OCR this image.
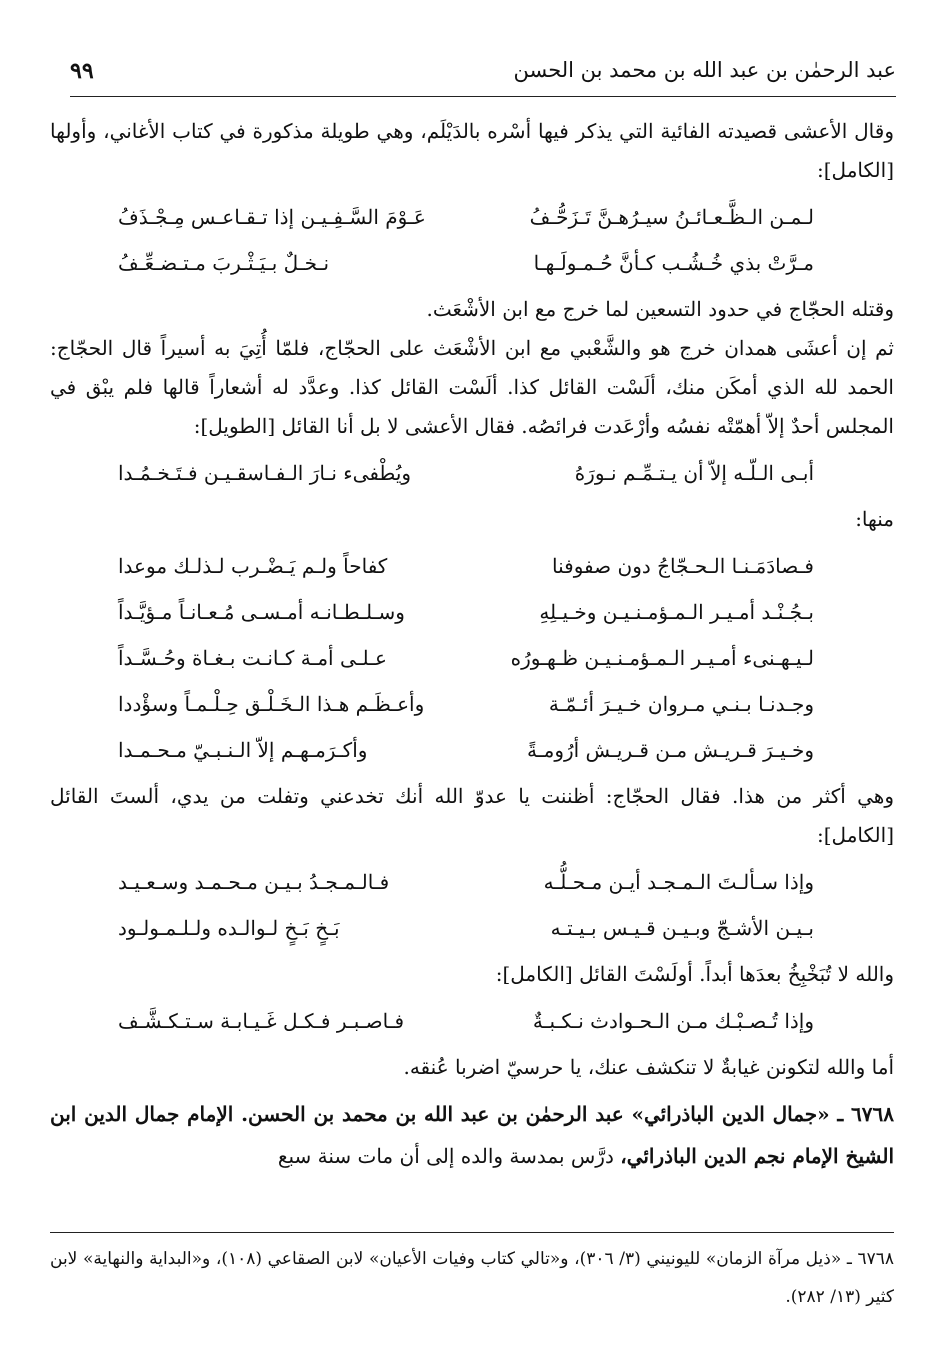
عبد الرحمٰن بن عبد الله بن محمد بن الحسن
٩٩

وقال الأعشى قصيدته الفائية التي يذكر فيها أسْره بالدَيْلَم، وهي طويلة مذكورة في كتاب الأغاني، وأولها [الكامل]:

لـمـن الـظَّـعـائـنُ سيـرُهـنَّ تَـزَحُّـفُ
عَـوْمَ السَّـفِـيـن إذا تـقـاعـس مِـجْـذَفُ
مـرَّتْ بذي خُـشُـب كـأنَّ حُـمـولَـهـا
نـخـلٌ بـيَـثْـربَ مـتـضـعِّـفُ

وقتله الحجّاج في حدود التسعين لما خرج مع ابن الأشْعَث.

ثم إن أعشَى همدان خرج هو والشَّعْبي مع ابن الأشْعَث على الحجّاج، فلمّا أُتِيَ به أسيراً قال الحجّاج: الحمد لله الذي أمكَن منك، ألَسْت القائل كذا. ألَسْت القائل كذا. وعدَّد له أشعاراً قالها فلم يبْق في المجلس أحدٌ إلاّ أهمّتْه نفسُه وأرْعَدت فرائصُه. فقال الأعشى لا بل أنا القائل [الطويل]:

أبـى الـلّـه إلاّ أن يـتـمِّـم نـورَهُ
ويُطْفىء نـارَ الـفـاسقـيـن فـتَـخـمُـدا

منها:

فـصادَمَـنـا الـحـجّاجُ دون صفوفنا
كفاحاً ولـم يَـضْـرب لـذلـك موعدا
بـجُـنْـد أمـيـر الـمـؤمـنـيـن وخـيـلِهِ
وسـلـطـانـه أمـسـى مُـعـانـاً مـؤيَّـداً
لـيـهـنىء أمـيـر الـمـؤمـنـيـن ظـهـورُه
عـلـى أمـة كـانـت بـغـاة وحُـسَّـداً
وجـدنـا بـنـي مـروان خـيـرَ أئـمّـة
وأعـظَـم هـذا الـخَـلْـق حِـلْـمـاً وسؤْددا
وخـيـرَ قـريـش مـن قـريـش أرُومـةً
وأكـرَمـهـم إلاّ الـنـبـيّ مـحـمـدا

وهي أكثر من هذا. فقال الحجّاج: أظننت يا عدوّ الله أنك تخدعني وتفلت من يدي، ألستَ القائل [الكامل]:

وإذا سـألـتَ الـمـجـد أيـن مـحـلُّـه
فـالـمـجـدُ بـيـن مـحـمـد وسـعـيـد
بـيـن الأشـجّ وبـيـن قـيـس بـيـتـه
بَـخٍ بَـخٍ لـوالـده ولـلـمـولـود

والله لا تُبَخْبِخُ بعدَها أبداً. أولَسْتَ القائل [الكامل]:

وإذا تُـصـبْـك مـن الـحـوادث نـكـبـةٌ
فـاصـبـر فـكـل غَـيـابـة سـتـكـشَّـف

أما والله لتكونن غيابةٌ لا تنكشف عنك، يا حرسيّ اضربا عُنقه.

٦٧٦٨ ـ «جمال الدين الباذرائي» عبد الرحمٰن بن عبد الله بن محمد بن الحسن. الإمام جمال الدين ابن الشيخ الإمام نجم الدين الباذرائي، درَّس بمدسة والده إلى أن مات سنة سبع

٦٧٦٨ ـ «ذيل مرآة الزمان» لليونيني (٣/ ٣٠٦)، و«تالي كتاب وفيات الأعيان» لابن الصقاعي (١٠٨)، و«البداية والنهاية» لابن كثير (١٣/ ٢٨٢).
